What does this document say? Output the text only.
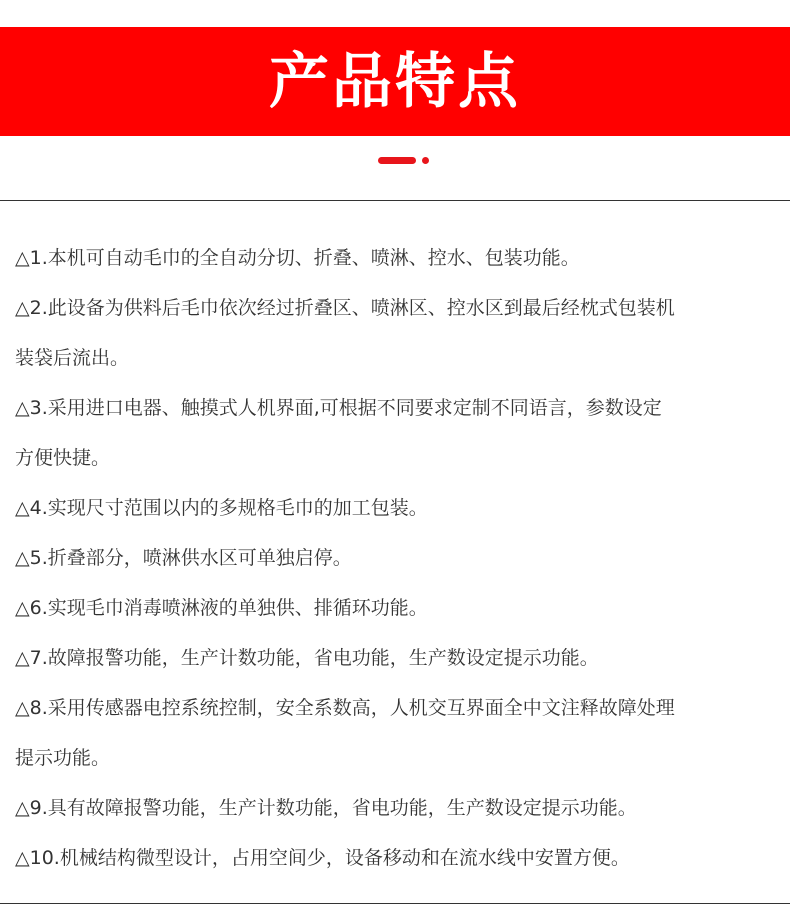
产品特点
△1.本机可自动毛巾的全自动分切、折叠、喷淋、控水、包装功能。
△2.此设备为供料后毛巾依次经过折叠区、喷淋区、控水区到最后经枕式包装机
装袋后流出。
△3.采用进口电器、触摸式人机界面,可根据不同要求定制不同语言，参数设定
方便快捷。
△4.实现尺寸范围以内的多规格毛巾的加工包装。
△5.折叠部分，喷淋供水区可单独启停。
△6.实现毛巾消毒喷淋液的单独供、排循环功能。
△7.故障报警功能，生产计数功能，省电功能，生产数设定提示功能。
△8.采用传感器电控系统控制，安全系数高，人机交互界面全中文注释故障处理
提示功能。
△9.具有故障报警功能，生产计数功能，省电功能，生产数设定提示功能。
△10.机械结构微型设计，占用空间少，设备移动和在流水线中安置方便。
